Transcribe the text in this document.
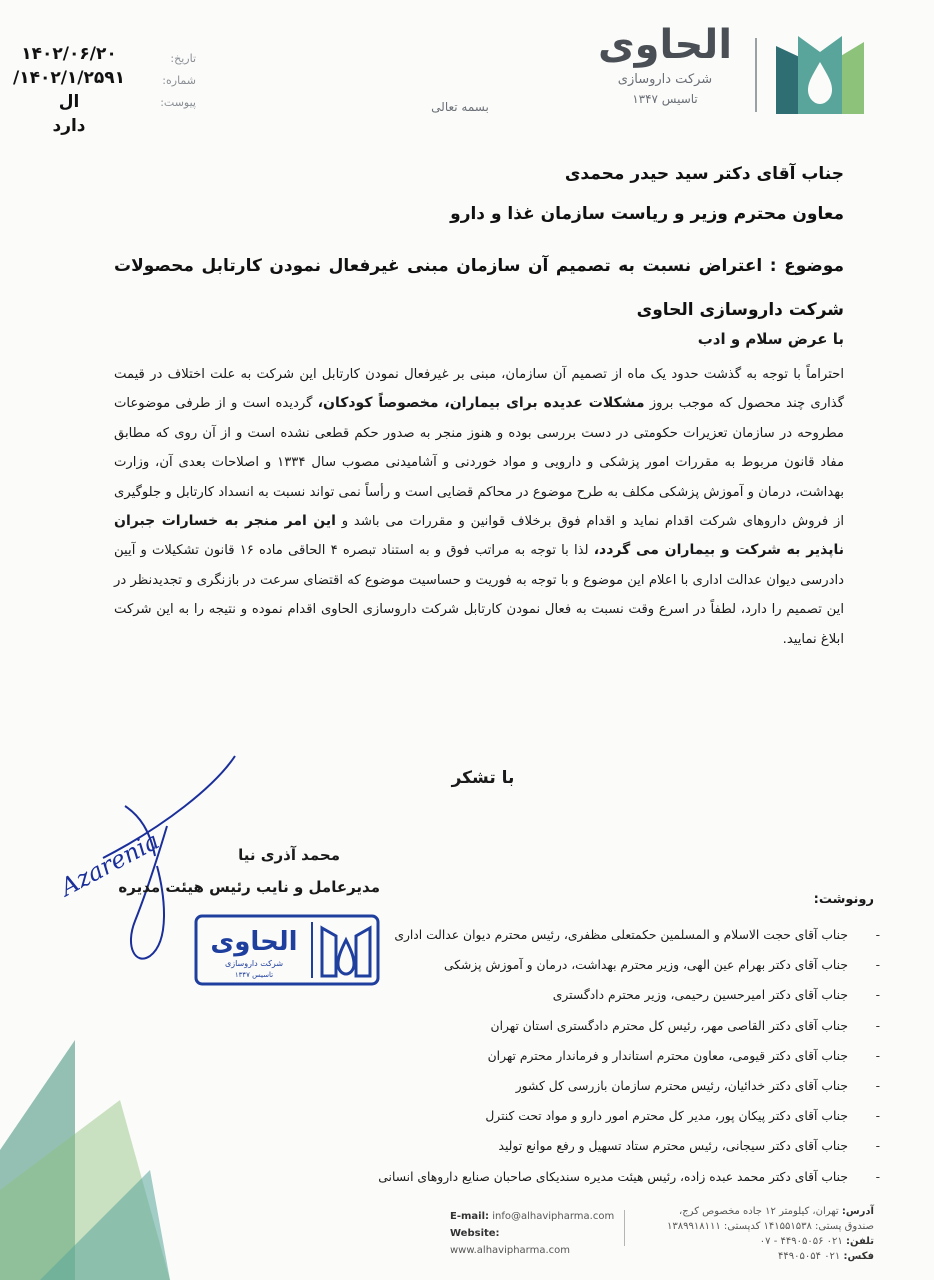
الحاوی
شرکت داروسازی
تاسیس ۱۳۴۷
بسمه تعالی
تاریخ:
شماره:
پیوست:
۱۴۰۲/۰۶/۲۰
۱۴۰۲/۱/۲۵۹۱/ال
دارد
جناب آقای دکتر سید حیدر محمدی
معاون محترم وزیر و ریاست سازمان غذا و دارو
موضوع : اعتراض نسبت به تصمیم آن سازمان مبنی غیرفعال نمودن کارتابل محصولات شرکت داروسازی الحاوی
با عرض سلام و ادب
احتراماً با توجه به گذشت حدود یک ماه از تصمیم آن سازمان، مبنی بر غیرفعال نمودن کارتابل این شرکت به علت اختلاف در قیمت گذاری چند محصول که موجب بروز مشکلات عدیده برای بیماران، مخصوصاً کودکان، گردیده است و از طرفی موضوعات مطروحه در سازمان تعزیرات حکومتی در دست بررسی بوده و هنوز منجر به صدور حکم قطعی نشده است و از آن روی که مطابق مفاد قانون مربوط به مقررات امور پزشکی و دارویی و مواد خوردنی و آشامیدنی مصوب سال ۱۳۳۴ و اصلاحات بعدی آن، وزارت بهداشت، درمان و آموزش پزشکی مکلف به طرح موضوع در محاکم قضایی است و رأساً نمی تواند نسبت به انسداد کارتابل و جلوگیری از فروش داروهای شرکت اقدام نماید و اقدام فوق برخلاف قوانین و مقررات می باشد و این امر منجر به خسارات جبران ناپذیر به شرکت و بیماران می گردد، لذا با توجه به مراتب فوق و به استناد تبصره ۴ الحاقی ماده ۱۶ قانون تشکیلات و آیین دادرسی دیوان عدالت اداری با اعلام این موضوع و با توجه به فوریت و حساسیت موضوع که اقتضای سرعت در بازنگری و تجدیدنظر در این تصمیم را دارد، لطفاً در اسرع وقت نسبت به فعال نمودن کارتابل شرکت داروسازی الحاوی اقدام نموده و نتیجه را به این شرکت ابلاغ نمایید.
با تشکر
Azarenia	محمد آذری نیا
مدیرعامل و نایب رئیس هیئت مدیره
الحاوی
شرکت داروسازی
تاسیس ۱۳۴۷
رونوشت:
-
جناب آقای حجت الاسلام و المسلمین حکمتعلی مظفری، رئیس محترم دیوان عدالت اداری
-
جناب آقای دکتر بهرام عین الهی، وزیر محترم بهداشت، درمان و آموزش پزشکی
-
جناب آقای دکتر امیرحسین رحیمی، وزیر محترم دادگستری
-
جناب آقای دکتر القاصی مهر، رئیس کل محترم دادگستری استان تهران
-
جناب آقای دکتر قیومی، معاون محترم استاندار و فرماندار محترم تهران
-
جناب آقای دکتر خدائیان، رئیس محترم سازمان بازرسی کل کشور
-
جناب آقای دکتر پیکان پور، مدیر کل محترم امور دارو و مواد تحت کنترل
-
جناب آقای دکتر سیجانی، رئیس محترم ستاد تسهیل و رفع موانع تولید
-
جناب آقای دکتر محمد عبده زاده، رئیس هیئت مدیره سندیکای صاحبان صنایع داروهای انسانی
E-mail: info@alhavipharma.com
Website: www.alhavipharma.com
آدرس: تهران، کیلومتر ۱۲ جاده مخصوص کرج،
صندوق پستی: ۱۴۱۵۵۱۵۳۸ کدپستی: ۱۳۸۹۹۱۸۱۱۱
تلفن: ۰۲۱ ۴۴۹۰۵۰۵۶ - ۰۷
فکس: ۰۲۱ ۴۴۹۰۵۰۵۴
